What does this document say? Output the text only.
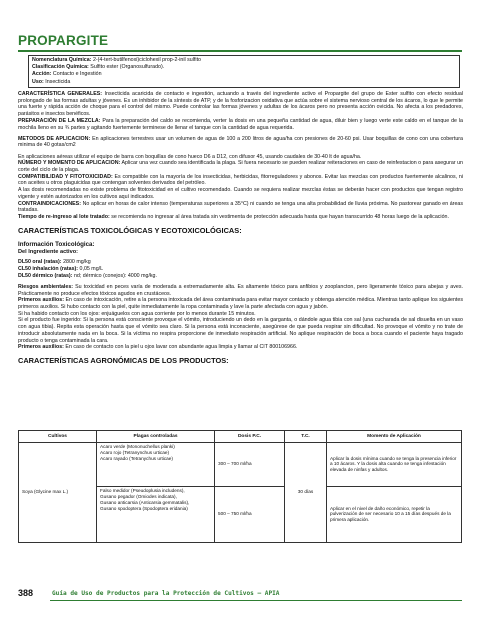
PROPARGITE
Nomenclatura Química: 2-(4-tert-butilfenoxi)ciclohexil prop-2-inil sulfito
Clasificación Química: Sulfito ester (Organosulfurado).
Acción: Contacto e Ingestión
Uso: Insecticida

CARACTERÍSTICA GENERALES: Insecticida acaricida de contacto e ingestión, actuando a través del ingrediente activo el Propargite del grupo de Ester sulfito con efecto residual prolongado de las formas adultas y jóvenes. Es un inhibidor de la síntesis de ATP, y de la fosforizacion oxidativa que actúa sobre el sistema nervioso central de los ácaros, lo que le permite una fuerte y rápida acción de choque para el control del mismo. Puede controlar las formas jóvenes y adultas de los ácaros pero no presenta acción ovicida. No afecta a los predadores, parásitos e insectos benéficos.
PREPARACIÓN DE LA MEZCLA: Para la preparación del caldo se recomienda, verter la dosis en una pequeña cantidad de agua, diluir bien y luego verte este caldo en el tanque de la mochila lleno en su ¾ partes y agitando fuertemente terminese de llenar el tanque con la cantidad de agua requerida.

METODOS DE APLICACION: En aplicaciones terrestres usar un volumen de agua de 100 a 200 litros de agua/ha con presiones de 20-60 psi. Usar boquillas de cono con una cobertura minima de 40 gotas/cm2

En aplicaciones aéreas utilizar el equipo de barra con boquillas de cono hueco D6 a D12, con difusor 45, usando caudales de 30-40 lt de agua/ha.
NÚMERO Y MOMENTO DE APLICACION: Aplicar una vez cuando sea identificada la plaga. Si fuera necesario se pueden realizar reiteraciones en caso de reinfestacion o para asegurar un corte del ciclo de la plaga.
COMPATIBILIDAD Y FITOTOXICIDAD: Es compatible con la mayoría de los insecticidas, herbicidas, fitorreguladores y abonos. Evitar las mezclas con productos fuertemente alcalinos, ni con aceites u otros plaguicidas que contengan solventes derivados del petróleo.
A las dosis recomendadas no existe problema de fitotoxicidad en el cultivo recomendado. Cuando se requiera realizar mezclas éstas se deberán hacer con productos que tengan registro vigente y estén autorizados en los cultivos aquí indicados.
CONTRAINDICACIONES: No aplicar en horas de calor intenso (temperaturas superiores a 35°C) ni cuando se tenga una alta probabilidad de lluvia próxima. No pastorear ganado en áreas tratadas.
Tiempo de re-ingreso al lote tratado: se recomienda no ingresar al área tratada sin vestimenta de protección adecuada hasta que hayan transcurrido 48 horas luego de la aplicación.

CARACTERÍSTICAS TOXICOLÓGICAS Y ECOTOXICOLÓGICAS:
Información Toxicológica:
Del Ingrediente activo:

DL50 oral (ratas): 2800 mg/kg

CL50 inhalación (ratas): 0,05 mg/L

DL50 dérmico (ratas): nd; dérmico (conejos): 4000 mg/kg.

Riesgos ambientales: Su toxicidad en peces varía de moderada a extremadamente alta. Es altamente tóxico para anfibios y zooplancton, pero ligeramente tóxico para abejas y aves. Prácticamente no produce efectos tóxicos agudos en crustáceos.
Primeros auxilios: En caso de intoxicación, retire a la persona intoxicada del área contaminada para evitar mayor contacto y obtenga atención médica. Mientras tanto aplique los siguientes primeros auxilios. Si hubo contacto con la piel, quite inmediatamente la ropa contaminada y lave la parte afectada con agua y jabón.
Si ha habido contacto con los ojos: enjuáguelos con agua corriente por lo menos durante 15 minutos.
Si el producto fue ingerido: Si la persona está consciente provoque el vómito, introduciendo un dedo en la garganta, o dándole agua tibia con sal (una cucharada de sal disuelta en un vaso con agua tibia). Repita esta operación hasta que el vómito sea claro. Si la persona está inconsciente, asegúrese de que pueda respirar sin dificultad. No provoque el vómito y no trate de introducir absolutamente nada en la boca. Si la víctima no respira proporcione de inmediato respiración artificial. No aplique respiración de boca a boca cuando el paciente haya tragado producto o tenga contaminada la cara.
Primeros auxilios: En caso de contacto con la piel u ojos lavar con abundante agua limpia y llamar al CIT 800106966.

CARACTERÍSTICAS AGRONÓMICAS DE LOS PRODUCTOS:
Cultivos	Plagas controladas	Dosis P.C.	T.C.	Momento de Aplicación
Soya (Glycine max L.)	Acaro verde (Mononuchellus planki)
Acaro rojo (Tetranynchus urticae)
Acaro rayado (Tetranychus urticae)	300 – 700 ml/ha	30 días	Aplicar la dosis mínima cuando se tenga la presencia inferior a 10 ácaros. Y la dosis alta cuando se tenga infestación elevada de ninfas y adultos.
	Falso medidor (Pseudoplusia includens),
Gusano pegador (Omiodes indicata),
Gusano anticarsia (Anticarsia gemmatalis),
Gusano spodoptera (Spodoptera eridania)	500 – 750 ml/ha		Aplicar en el nivel de daño económico, repetir la pulverización de ser necesario 10 a 15 días después de la primera aplicación.
388	Guía de Uso de Productos para la Protección de Cultivos – APIA
